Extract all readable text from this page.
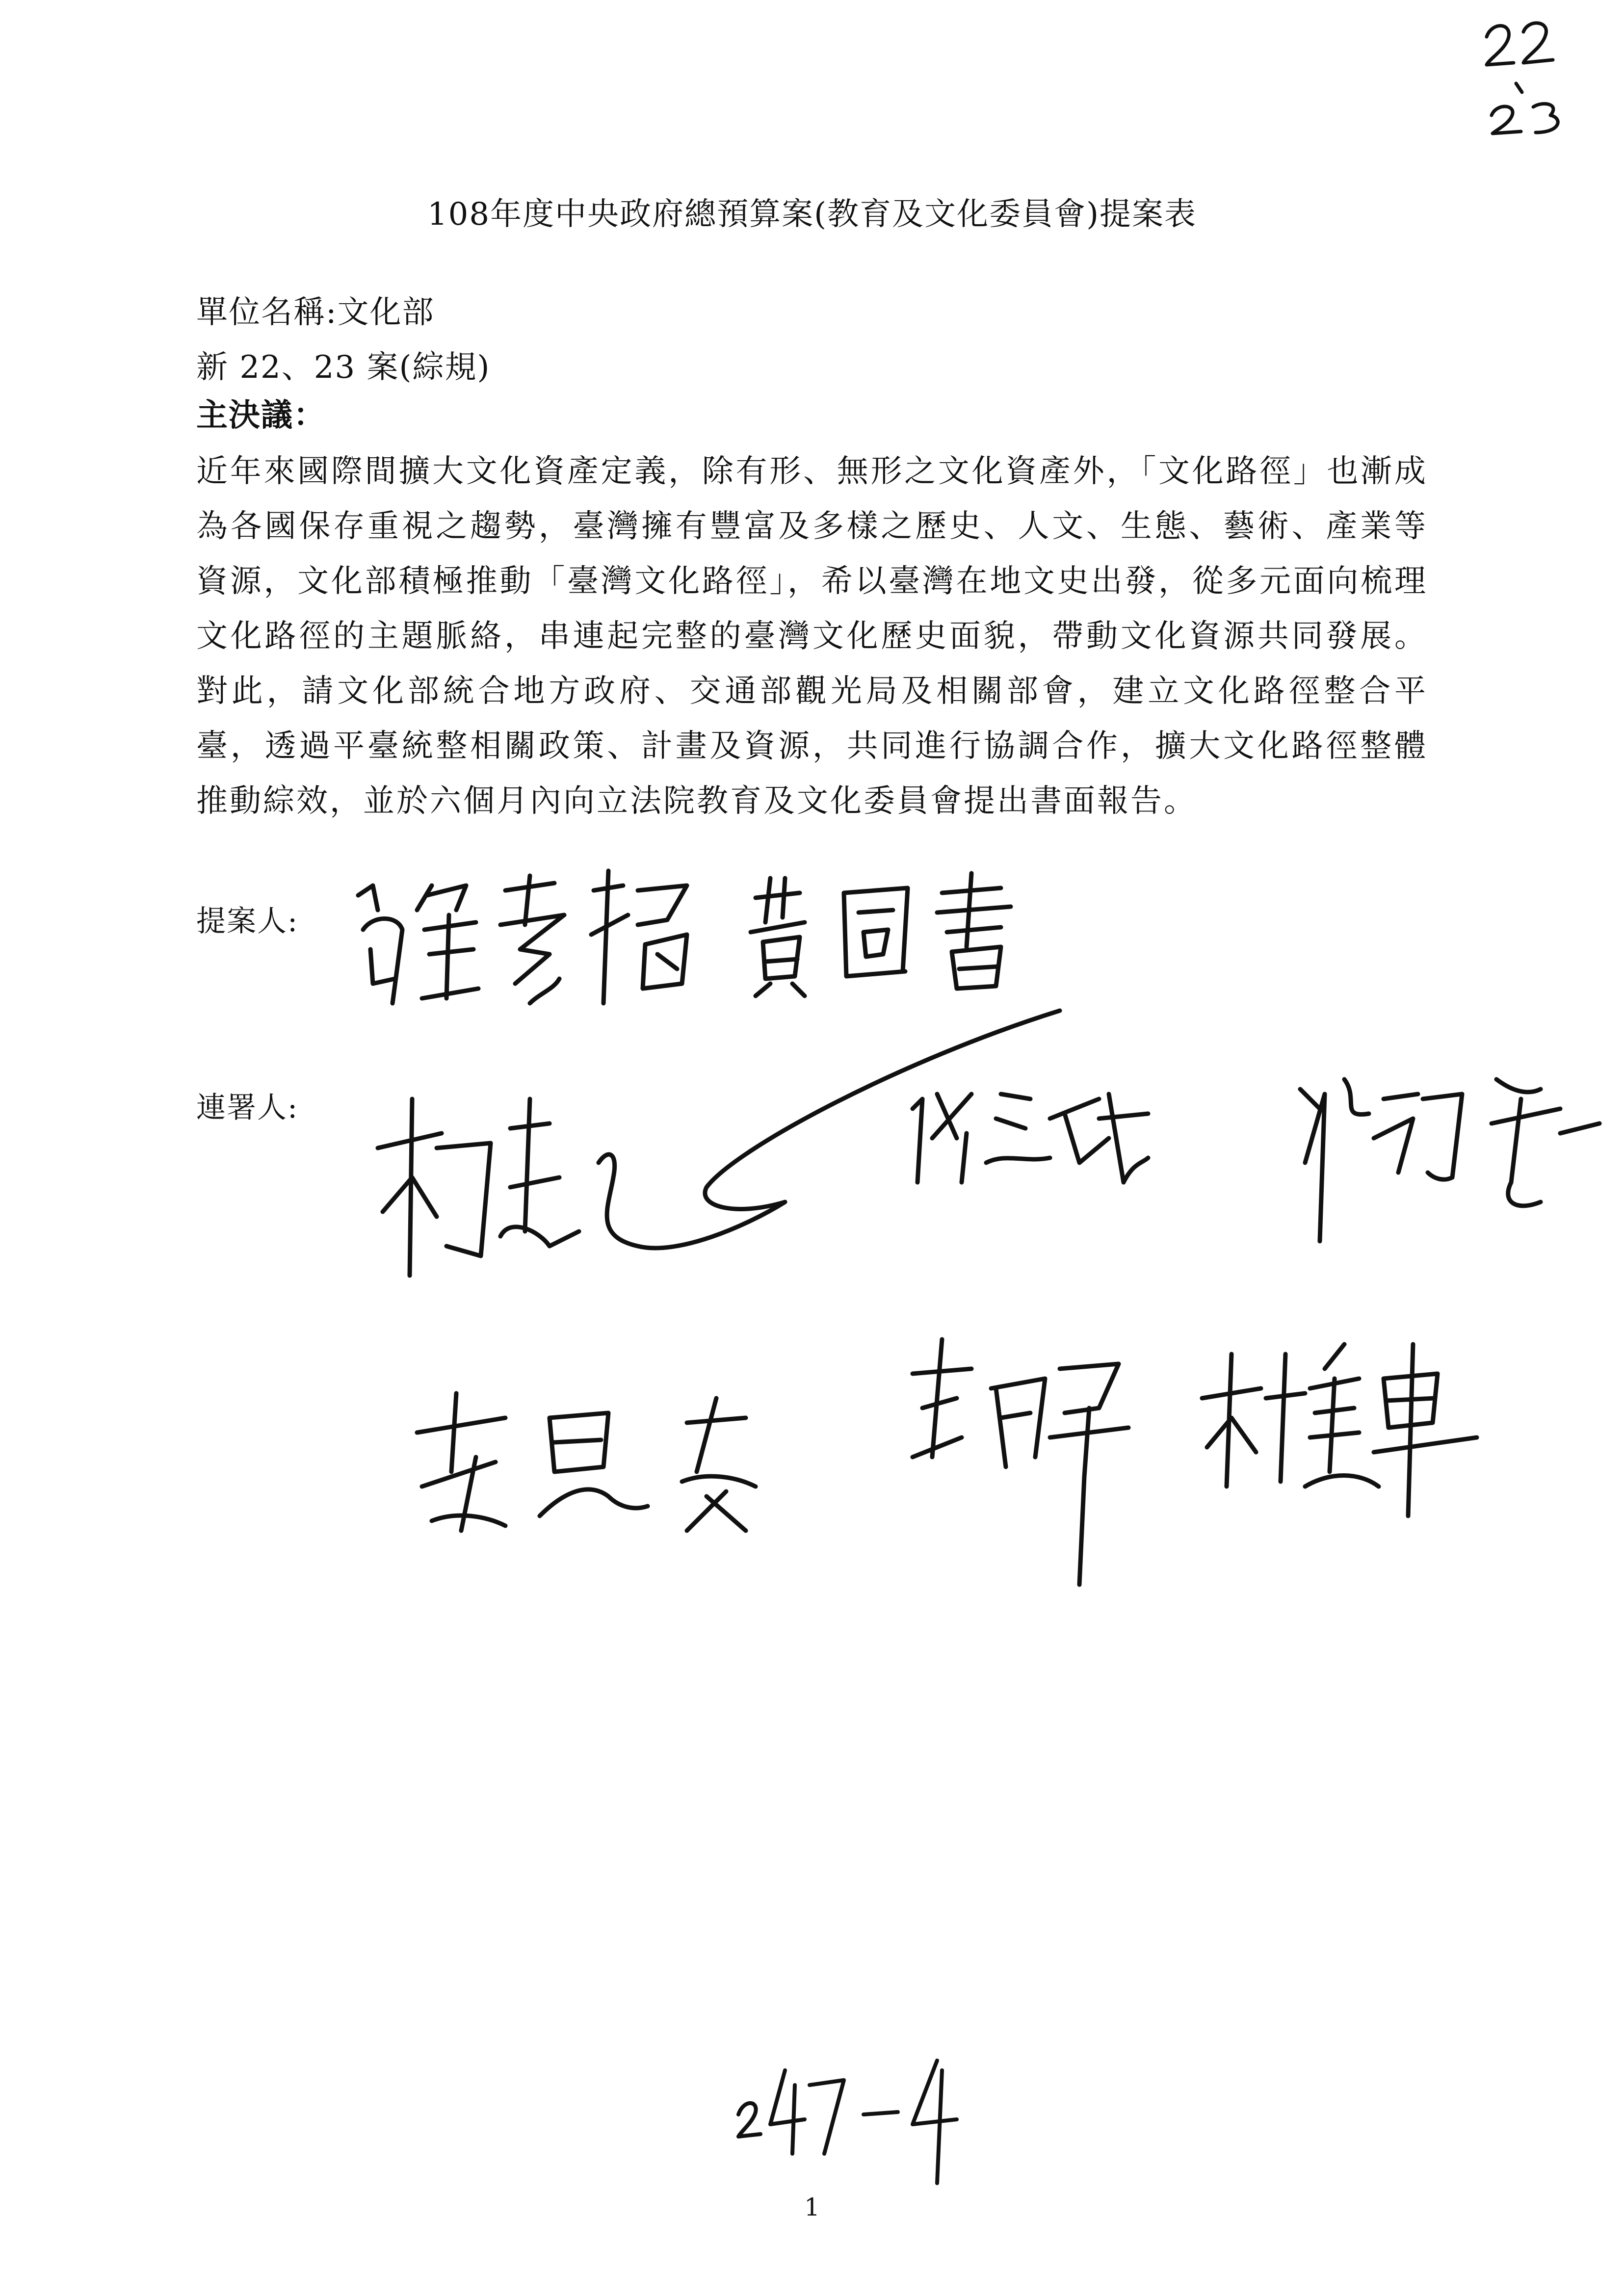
108年度中央政府總預算案(教育及文化委員會)提案表
單位名稱:文化部
新 22、23 案(綜規)
主決議：

近年來國際間擴大文化資產定義，除有形、無形之文化資產外，「文化路徑」也漸成為各國保存重視之趨勢，臺灣擁有豐富及多樣之歷史、人文、生態、藝術、產業等資源，文化部積極推動「臺灣文化路徑」，希以臺灣在地文史出發，從多元面向梳理文化路徑的主題脈絡，串連起完整的臺灣文化歷史面貌，帶動文化資源共同發展。對此，請文化部統合地方政府、交通部觀光局及相關部會，建立文化路徑整合平臺，透過平臺統整相關政策、計畫及資源，共同進行協調合作，擴大文化路徑整體推動綜效，並於六個月內向立法院教育及文化委員會提出書面報告。

提案人:
連署人:
1
